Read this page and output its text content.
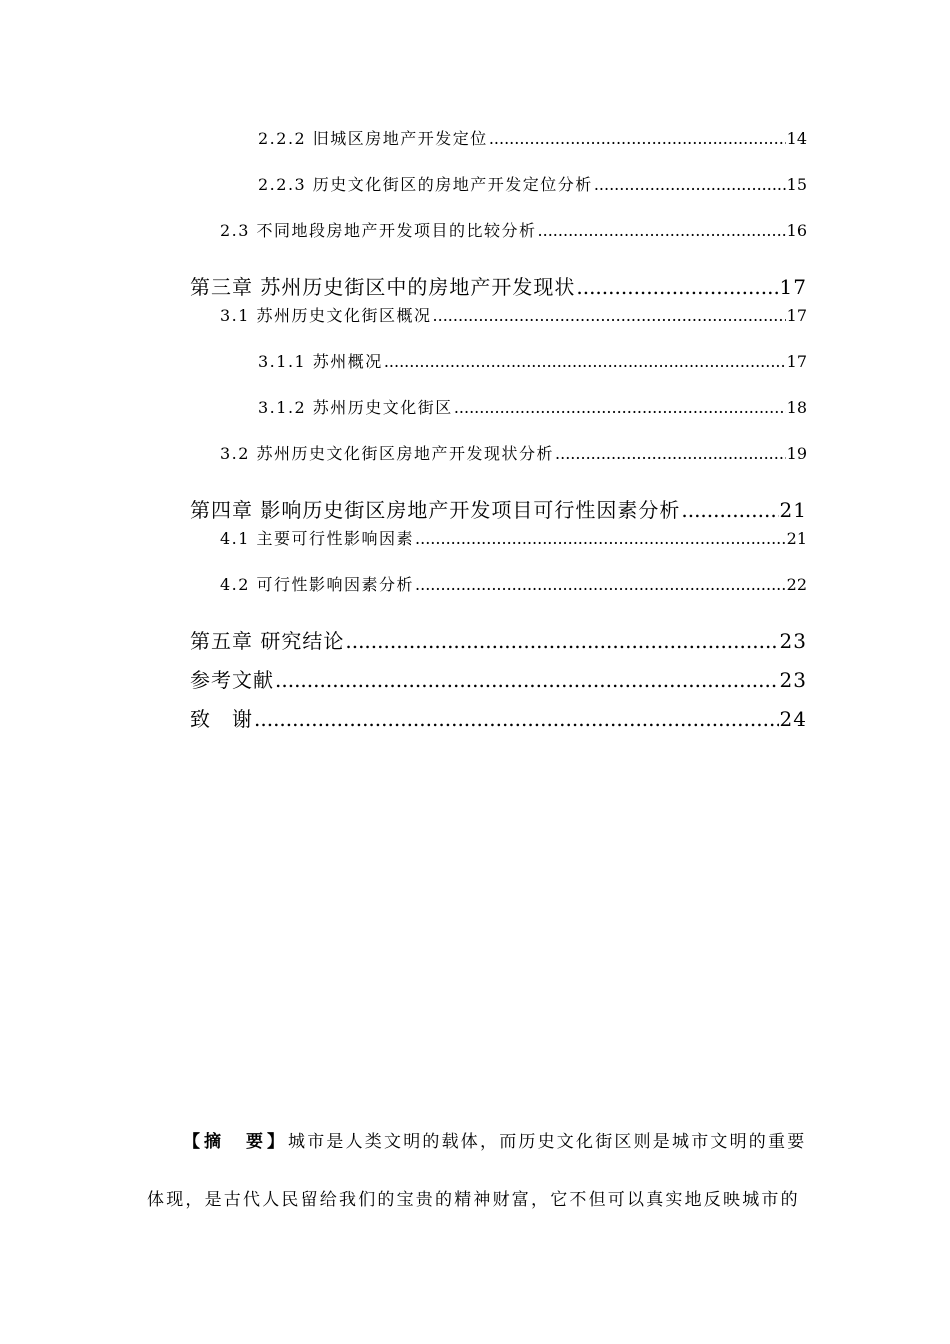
2.2.2 旧城区房地产开发定位 .....	14
2.2.3 历史文化街区的房地产开发定位分析 .....	15
2.3 不同地段房地产开发项目的比较分析 .....	16
第三章 苏州历史街区中的房地产开发现状 .....	17
3.1 苏州历史文化街区概况 .....	17
3.1.1 苏州概况 .....	17
3.1.2 苏州历史文化街区 .....	18
3.2 苏州历史文化街区房地产开发现状分析 .....	19
第四章 影响历史街区房地产开发项目可行性因素分析 .....	21
4.1 主要可行性影响因素 .....	21
4.2 可行性影响因素分析 .....	22
第五章 研究结论 .....	23
参考文献 .....	23
致　谢 .....	24

【摘　要】城市是人类文明的载体，而历史文化街区则是城市文明的重要体现，是古代人民留给我们的宝贵的精神财富，它不但可以真实地反映城市的
